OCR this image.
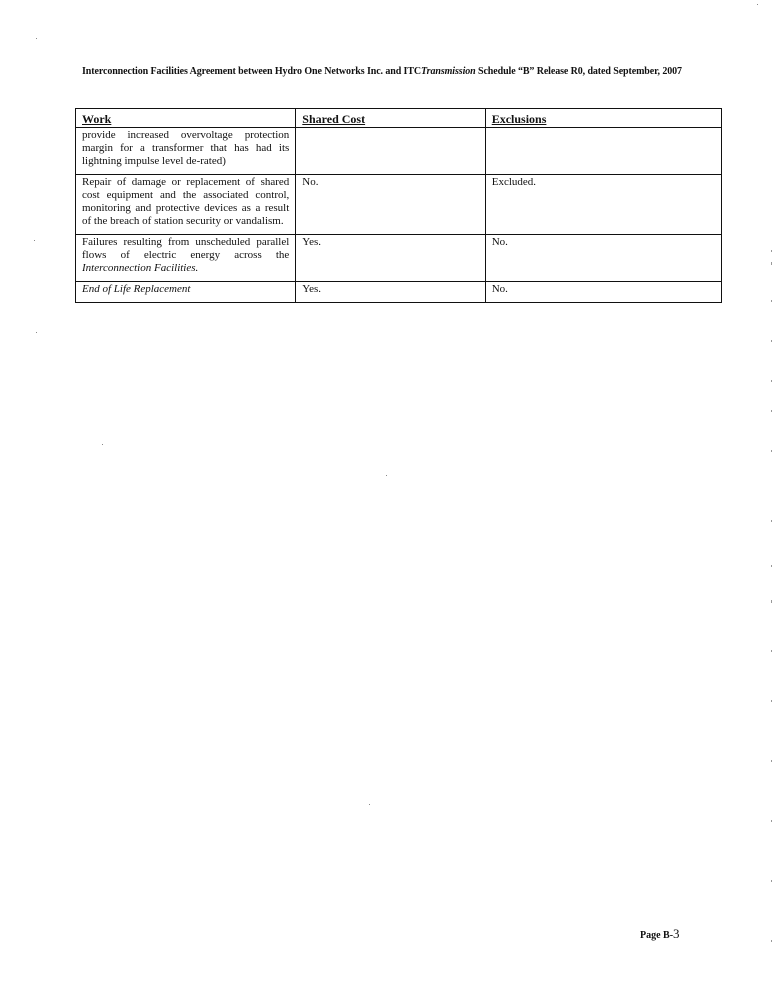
Interconnection Facilities Agreement between Hydro One Networks Inc. and ITCTransmission Schedule “B” Release R0, dated September, 2007
Work	Shared Cost	Exclusions
provide increased overvoltage protection margin for a transformer that has had its lightning impulse level de-rated)		
Repair of damage or replacement of shared cost equipment and the associated control, monitoring and protective devices as a result of the breach of station security or vandalism.	No.	Excluded.
Failures resulting from unscheduled parallel flows of electric energy across the Interconnection Facilities.	Yes.	No.
End of Life Replacement	Yes.	No.
Page B-3
